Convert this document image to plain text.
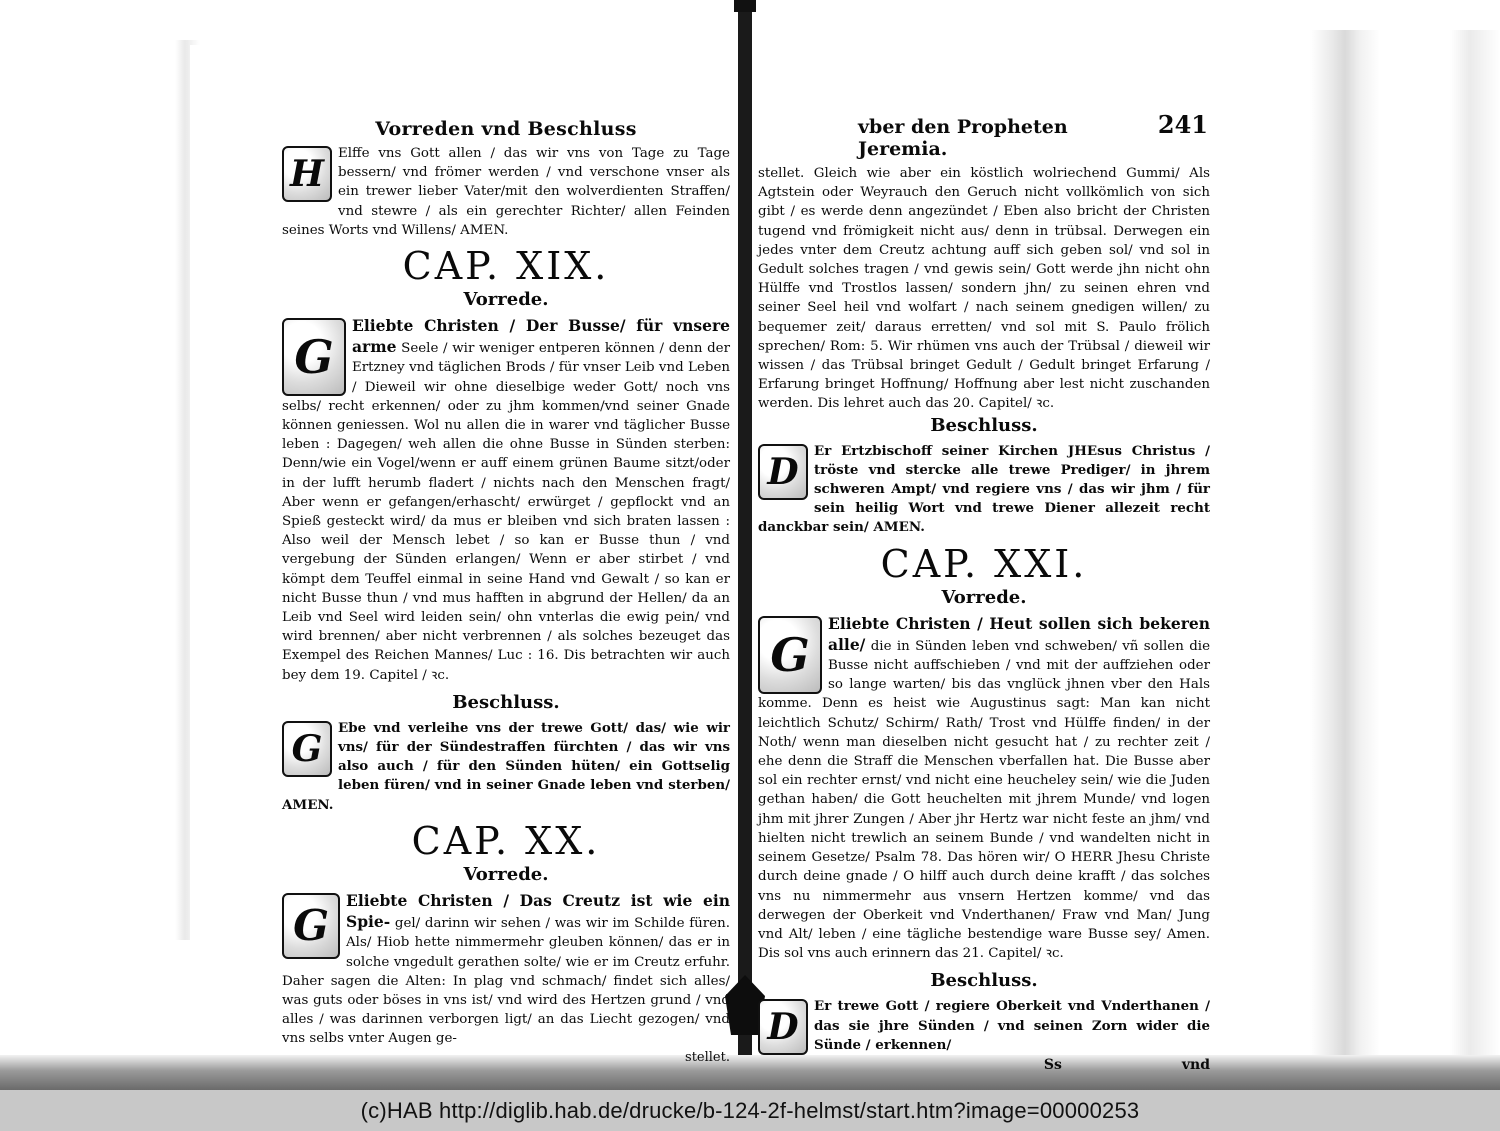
Vorreden vnd Beschluss

H	Elffe vns Gott allen / das wir vns von Tage zu Tage bessern/ vnd frömer werden / vnd verschone vnser als ein trewer lieber Vater/mit den wolverdienten Straffen/ vnd stewre / als ein gerechter Richter/ allen Feinden seines Worts vnd Willens/ AMEN.

CAP. XIX.
Vorrede.

G
Eliebte Christen / Der Busse/ für vnsere arme Seele / wir weniger entperen können / denn der Ertzney vnd täglichen Brods / für vnser Leib vnd Leben / Dieweil wir ohne dieselbige weder Gott/ noch vns selbs/ recht erkennen/ oder zu jhm kommen/vnd seiner Gnade können geniessen. Wol nu allen die in warer vnd täglicher Busse leben : Dagegen/ weh allen die ohne Busse in Sünden sterben: Denn/wie ein Vogel/wenn er auff einem grünen Baume sitzt/oder in der lufft herumb fladert / nichts nach den Menschen fragt/ Aber wenn er gefangen/erhascht/ erwürget / gepflockt vnd an Spieß gesteckt wird/ da mus er bleiben vnd sich braten lassen : Also weil der Mensch lebet / so kan er Busse thun / vnd vergebung der Sünden erlangen/ Wenn er aber stirbet / vnd kömpt dem Teuffel einmal in seine Hand vnd Gewalt / so kan er nicht Busse thun / vnd mus hafften in abgrund der Hellen/ da an Leib vnd Seel wird leiden sein/ ohn vnterlas die ewig pein/ vnd wird brennen/ aber nicht verbrennen / als solches bezeuget das Exempel des Reichen Mannes/ Luc : 16. Dis betrachten wir auch bey dem 19. Capitel / ꝛc.

Beschluss.

G	Ebe vnd verleihe vns der trewe Gott/ das/ wie wir vns/ für der Sündestraffen fürchten / das wir vns also auch / für den Sünden hüten/ ein Gottselig leben füren/ vnd in seiner Gnade leben vnd sterben/ AMEN.

CAP. XX.
Vorrede.

G
Eliebte Christen / Das Creutz ist wie ein Spie- gel/ darinn wir sehen / was wir im Schilde füren. Als/ Hiob hette nimmermehr gleuben können/ das er in solche vngedult gerathen solte/ wie er im Creutz erfuhr. Daher sagen die Alten: In plag vnd schmach/ findet sich alles/ was guts oder böses in vns ist/ vnd wird des Hertzen grund / vnd alles / was darinnen verborgen ligt/ an das Liecht gezogen/ vnd vns selbs vnter Augen ge-

stellet.

vber den Propheten Jeremia.
241

stellet. Gleich wie aber ein köstlich wolriechend Gummi/ Als Agtstein oder Weyrauch den Geruch nicht vollkömlich von sich gibt / es werde denn angezündet / Eben also bricht der Christen tugend vnd frömigkeit nicht aus/ denn in trübsal. Derwegen ein jedes vnter dem Creutz achtung auff sich geben sol/ vnd sol in Gedult solches tragen / vnd gewis sein/ Gott werde jhn nicht ohn Hülffe vnd Trostlos lassen/ sondern jhn/ zu seinen ehren vnd seiner Seel heil vnd wolfart / nach seinem gnedigen willen/ zu bequemer zeit/ daraus erretten/ vnd sol mit S. Paulo frölich sprechen/ Rom: 5. Wir rhümen vns auch der Trübsal / dieweil wir wissen / das Trübsal bringet Gedult / Gedult bringet Erfarung / Erfarung bringet Hoffnung/ Hoffnung aber lest nicht zuschanden werden. Dis lehret auch das 20. Capitel/ ꝛc.

Beschluss.

D	Er Ertzbischoff seiner Kirchen JHEsus Christus / tröste vnd stercke alle trewe Prediger/ in jhrem schweren Ampt/ vnd regiere vns / das wir jhm / für sein heilig Wort vnd trewe Diener allezeit recht danckbar sein/ AMEN.

CAP. XXI.
Vorrede.

G
Eliebte Christen / Heut sollen sich bekeren alle/ die in Sünden leben vnd schweben/ vñ sollen die Busse nicht auffschieben / vnd mit der auffziehen oder so lange warten/ bis das vnglück jhnen vber den Hals komme. Denn es heist wie Augustinus sagt: Man kan nicht leichtlich Schutz/ Schirm/ Rath/ Trost vnd Hülffe finden/ in der Noth/ wenn man dieselben nicht gesucht hat / zu rechter zeit / ehe denn die Straff die Menschen vberfallen hat. Die Busse aber sol ein rechter ernst/ vnd nicht eine heucheley sein/ wie die Juden gethan haben/ die Gott heuchelten mit jhrem Munde/ vnd logen jhm mit jhrer Zungen / Aber jhr Hertz war nicht feste an jhm/ vnd hielten nicht trewlich an seinem Bunde / vnd wandelten nicht in seinem Gesetze/ Psalm 78. Das hören wir/ O HERR Jhesu Christe durch deine gnade / O hilff auch durch deine krafft / das solches vns nu nimmermehr aus vnsern Hertzen komme/ vnd das derwegen der Oberkeit vnd Vnderthanen/ Fraw vnd Man/ Jung vnd Alt/ leben / eine tägliche bestendige ware Busse sey/ Amen. Dis sol vns auch erinnern das 21. Capitel/ ꝛc.

Beschluss.

D	Er trewe Gott / regiere Oberkeit vnd Vnderthanen / das sie jhre Sünden / vnd seinen Zorn wider die Sünde / erkennen/

Ss	vnd
(c)HAB http://diglib.hab.de/drucke/b-124-2f-helmst/start.htm?image=00000253
